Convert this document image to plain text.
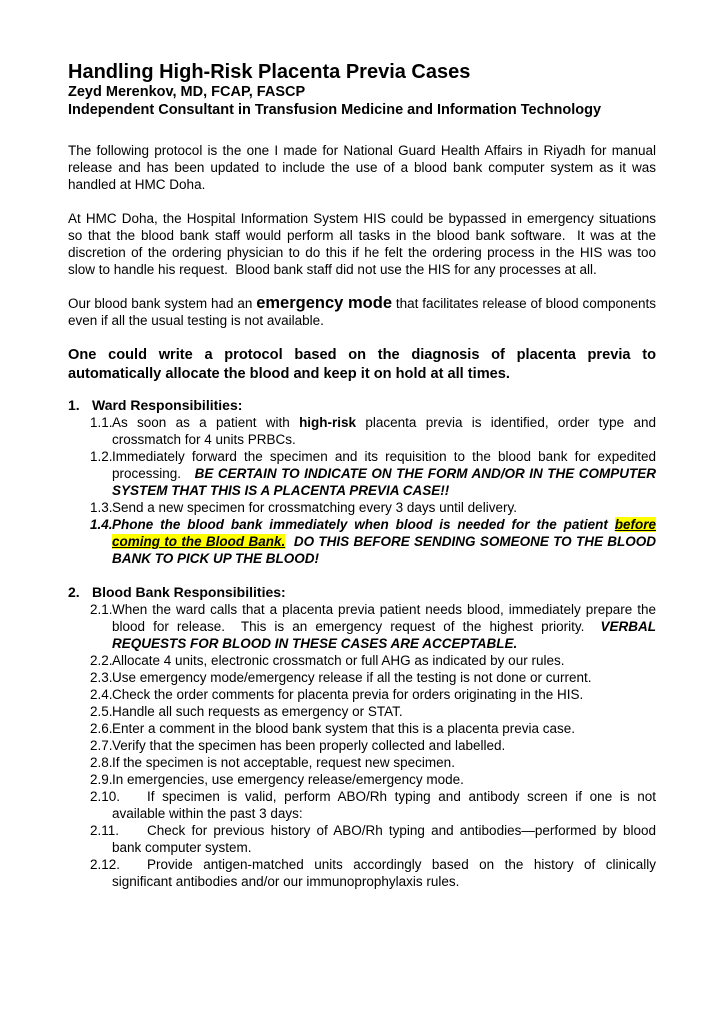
Handling High-Risk Placenta Previa Cases
Zeyd Merenkov, MD, FCAP, FASCP
Independent Consultant in Transfusion Medicine and Information Technology
The following protocol is the one I made for National Guard Health Affairs in Riyadh for manual release and has been updated to include the use of a blood bank computer system as it was handled at HMC Doha.
At HMC Doha, the Hospital Information System HIS could be bypassed in emergency situations so that the blood bank staff would perform all tasks in the blood bank software.  It was at the discretion of the ordering physician to do this if he felt the ordering process in the HIS was too slow to handle his request.  Blood bank staff did not use the HIS for any processes at all.
Our blood bank system had an emergency mode that facilitates release of blood components even if all the usual testing is not available.
One could write a protocol based on the diagnosis of placenta previa to automatically allocate the blood and keep it on hold at all times.
1. Ward Responsibilities:
1.1.As soon as a patient with high-risk placenta previa is identified, order type and crossmatch for 4 units PRBCs.
1.2.Immediately forward the specimen and its requisition to the blood bank for expedited processing.   BE CERTAIN TO INDICATE ON THE FORM AND/OR IN THE COMPUTER SYSTEM THAT THIS IS A PLACENTA PREVIA CASE!!
1.3.Send a new specimen for crossmatching every 3 days until delivery.
1.4.Phone the blood bank immediately when blood is needed for the patient before coming to the Blood Bank.  DO THIS BEFORE SENDING SOMEONE TO THE BLOOD BANK TO PICK UP THE BLOOD!
2. Blood Bank Responsibilities:
2.1.When the ward calls that a placenta previa patient needs blood, immediately prepare the blood for release.  This is an emergency request of the highest priority.  VERBAL REQUESTS FOR BLOOD IN THESE CASES ARE ACCEPTABLE.
2.2.Allocate 4 units, electronic crossmatch or full AHG as indicated by our rules.
2.3.Use emergency mode/emergency release if all the testing is not done or current.
2.4.Check the order comments for placenta previa for orders originating in the HIS.
2.5.Handle all such requests as emergency or STAT.
2.6.Enter a comment in the blood bank system that this is a placenta previa case.
2.7.Verify that the specimen has been properly collected and labelled.
2.8.If the specimen is not acceptable, request new specimen.
2.9.In emergencies, use emergency release/emergency mode.
2.10. If specimen is valid, perform ABO/Rh typing and antibody screen if one is not available within the past 3 days:
2.11. Check for previous history of ABO/Rh typing and antibodies—performed by blood bank computer system.
2.12. Provide antigen-matched units accordingly based on the history of clinically significant antibodies and/or our immunoprophylaxis rules.
